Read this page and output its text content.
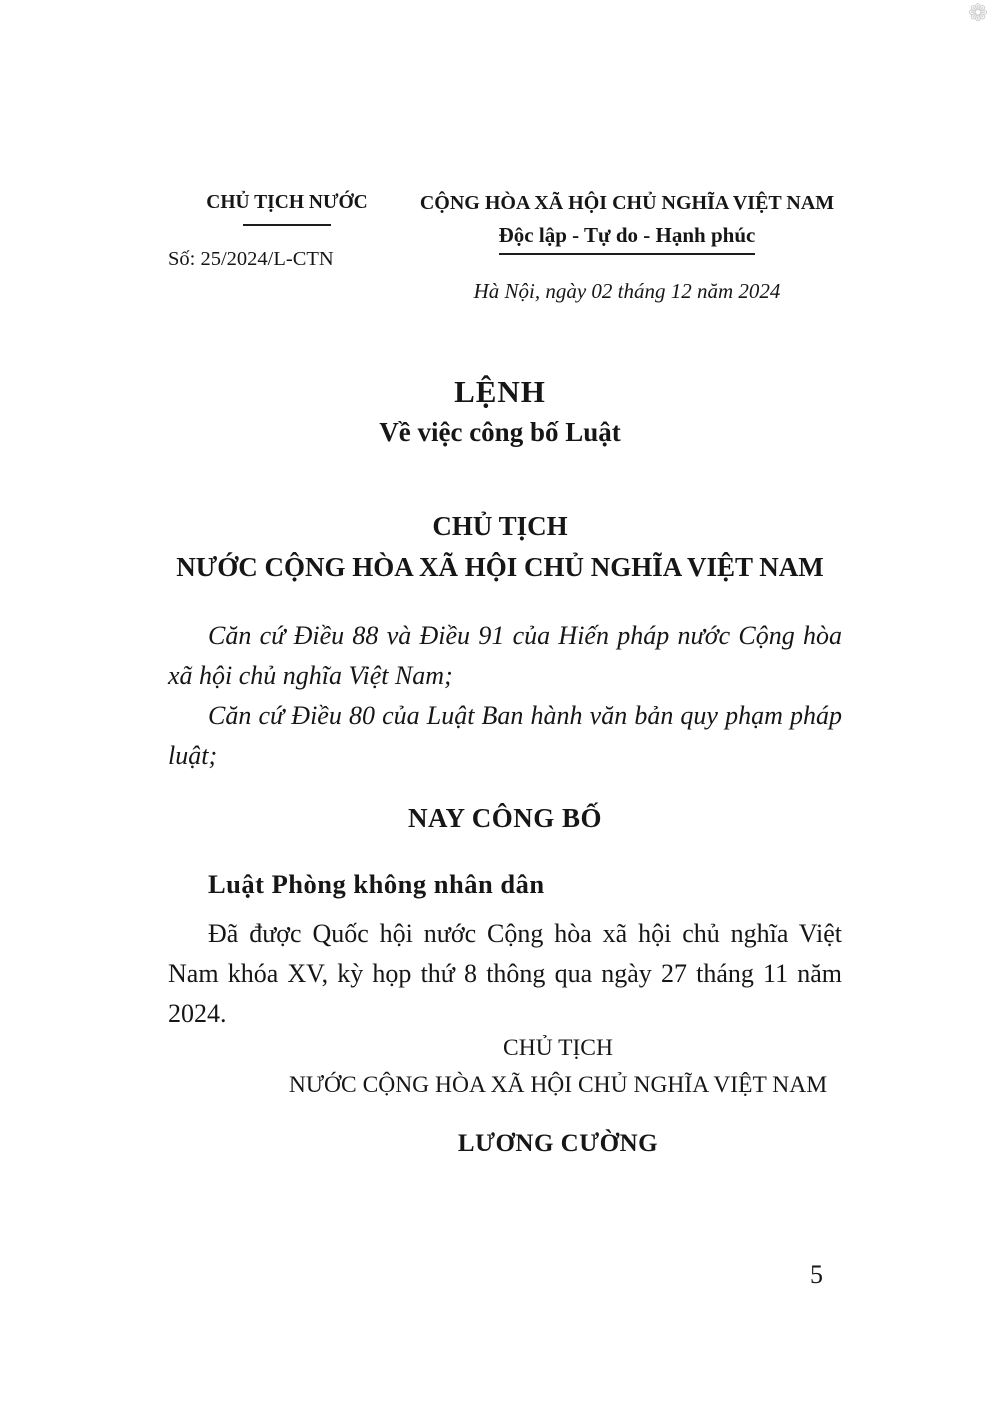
❁
CHỦ TỊCH NƯỚC
Số: 25/2024/L-CTN
CỘNG HÒA XÃ HỘI CHỦ NGHĨA VIỆT NAM
Độc lập - Tự do - Hạnh phúc
Hà Nội, ngày 02 tháng 12 năm 2024
LỆNH
Về việc công bố Luật
CHỦ TỊCH
NƯỚC CỘNG HÒA XÃ HỘI CHỦ NGHĨA VIỆT NAM

Căn cứ Điều 88 và Điều 91 của Hiến pháp nước Cộng hòa xã hội chủ nghĩa Việt Nam;

Căn cứ Điều 80 của Luật Ban hành văn bản quy phạm pháp luật;

NAY CÔNG BỐ

Luật Phòng không nhân dân

Đã được Quốc hội nước Cộng hòa xã hội chủ nghĩa Việt Nam khóa XV, kỳ họp thứ 8 thông qua ngày 27 tháng 11 năm 2024.

CHỦ TỊCH
NƯỚC CỘNG HÒA XÃ HỘI CHỦ NGHĨA VIỆT NAM
LƯƠNG CƯỜNG
5
